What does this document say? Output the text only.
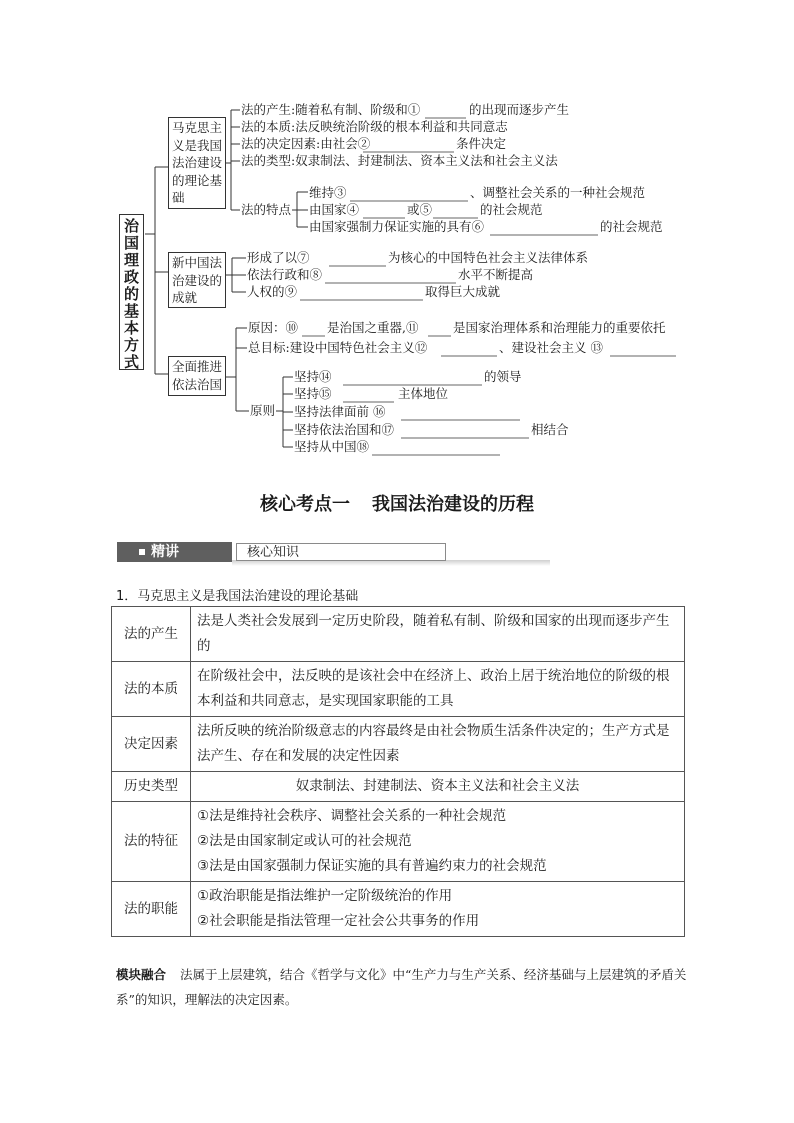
治国理政的基本方式
马克思主义是我国法治建设的理论基础
新中国法治建设的成就
全面推进依法治国
法的产生:随着私有制、阶级和①	的出现而逐步产生
法的本质:法反映统治阶级的根本利益和共同意志
法的决定因素:由社会②	条件决定
法的类型:奴隶制法、封建制法、资本主义法和社会主义法
法的特点
维持③	、调整社会关系的一种社会规范
由国家④	或⑤	的社会规范
由国家强制力保证实施的具有⑥	的社会规范
形成了以⑦	为核心的中国特色社会主义法律体系
依法行政和⑧	水平不断提高
人权的⑨	取得巨大成就
原因：⑩ 是治国之重器,⑪	是国家治理体系和治理能力的重要依托
总目标:建设中国特色社会主义⑫	、建设社会主义 ⑬
原则
坚持⑭	的领导
坚持⑮	主体地位
坚持法律面前 ⑯
坚持依法治国和⑰	相结合
坚持从中国⑱
核心考点一 我国法治建设的历程
精讲	核心知识
1．马克思主义是我国法治建设的理论基础
法的产生	法是人类社会发展到一定历史阶段，随着私有制、阶级和国家的出现而逐步产生的
法的本质	在阶级社会中，法反映的是该社会中在经济上、政治上居于统治地位的阶级的根本利益和共同意志，是实现国家职能的工具
决定因素	法所反映的统治阶级意志的内容最终是由社会物质生活条件决定的；生产方式是法产生、存在和发展的决定性因素
历史类型	奴隶制法、封建制法、资本主义法和社会主义法
法的特征	①法是维持社会秩序、调整社会关系的一种社会规范
②法是由国家制定或认可的社会规范
③法是由国家强制力保证实施的具有普遍约束力的社会规范

法的职能	①政治职能是指法维护一定阶级统治的作用
②社会职能是指法管理一定社会公共事务的作用
模块融合 法属于上层建筑，结合《哲学与文化》中“生产力与生产关系、经济基础与上层建筑的矛盾关系”的知识，理解法的决定因素。
